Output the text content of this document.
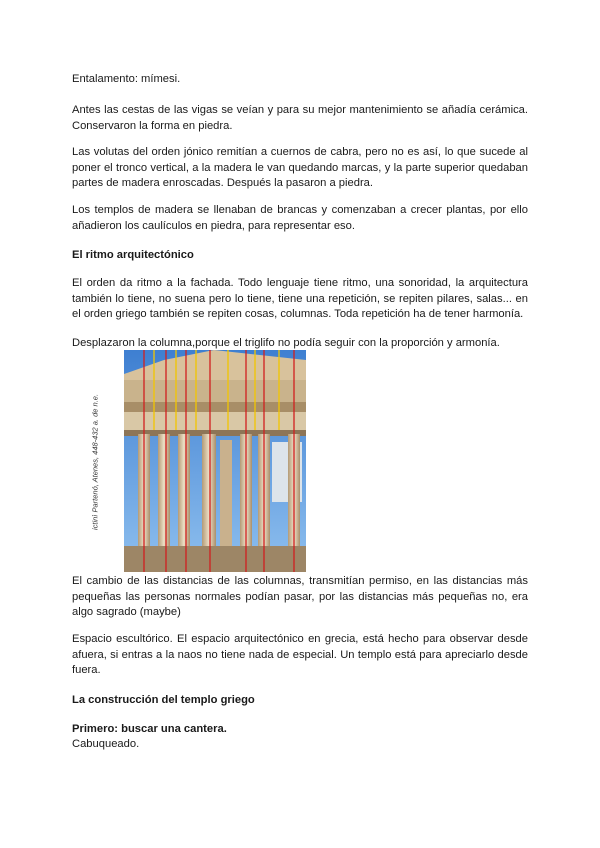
Entalamento: mímesi.

Antes las cestas de las vigas se veían y para su mejor mantenimiento se añadía cerámica. Conservaron la forma en piedra.

Las volutas del orden jónico remitían a cuernos de cabra, pero no es así, lo que sucede al poner el tronco vertical, a la madera le van quedando marcas, y la parte superior quedaban partes de madera enroscadas. Después la pasaron a piedra.

Los templos de madera se llenaban de brancas y comenzaban a crecer plantas, por ello añadieron los caulículos en piedra, para representar eso.

El ritmo arquitectónico

El orden da ritmo a la fachada. Todo lenguaje tiene ritmo, una sonoridad, la arquitectura también lo tiene, no suena pero lo tiene, tiene una repetición, se repiten pilares, salas... en el orden griego también se repiten cosas, columnas. Toda repetición ha de tener harmonía.

Desplazaron la columna,porque el triglifo no podía seguir con la proporción y armonía.

ictinì Partenó, Atenes, 448-432 a. de n.e.

El cambio de las distancias de las columnas, transmitían permiso, en las distancias más pequeñas las personas normales podían pasar, por las distancias más pequeñas no, era algo sagrado (maybe)

Espacio escultórico. El espacio arquitectónico en grecia, está hecho para observar desde afuera, si entras a la naos no tiene nada de especial. Un templo está para apreciarlo desde fuera.

La construcción del templo griego

Primero: buscar una cantera.

Cabuqueado.
